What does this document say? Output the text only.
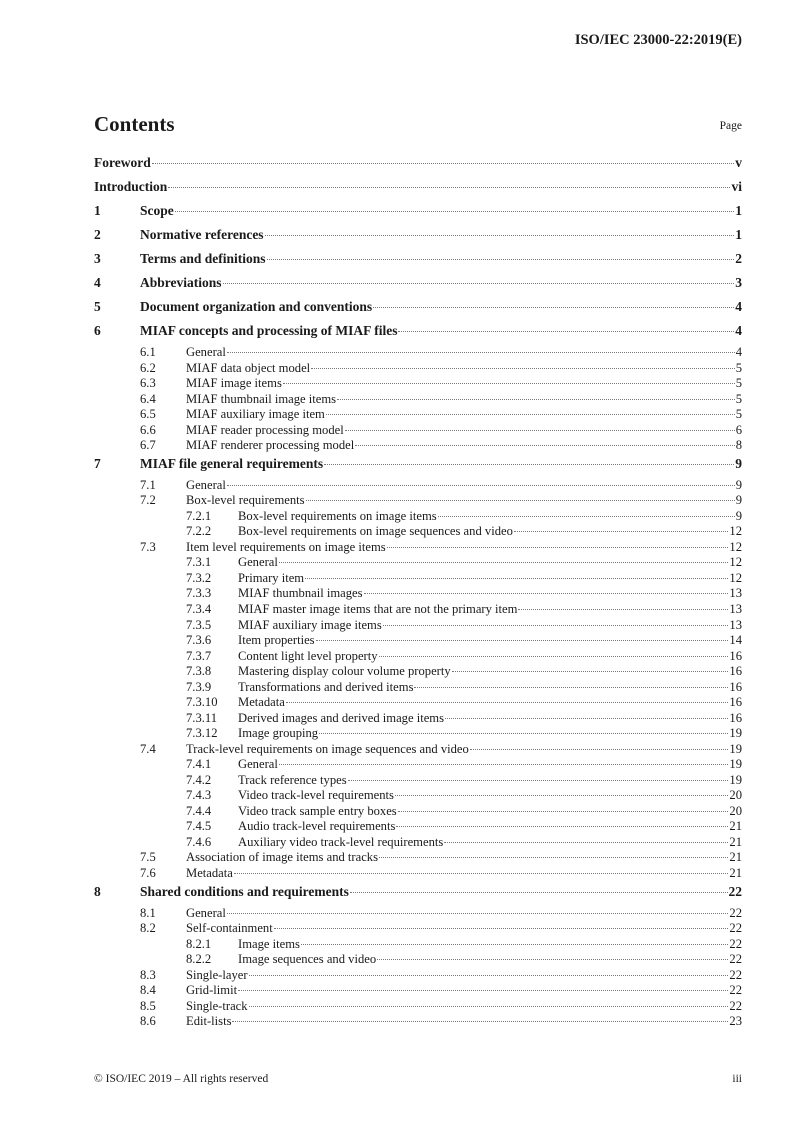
ISO/IEC 23000-22:2019(E)
Contents	Page
Foreword	v
Introduction	vi
1	Scope	1
2	Normative references	1
3	Terms and definitions	2
4	Abbreviations	3
5	Document organization and conventions	4
6	MIAF concepts and processing of MIAF files	4
6.1	General	4
6.2	MIAF data object model	5
6.3	MIAF image items	5
6.4	MIAF thumbnail image items	5
6.5	MIAF auxiliary image item	5
6.6	MIAF reader processing model	6
6.7	MIAF renderer processing model	8
7	MIAF file general requirements	9
7.1	General	9
7.2	Box-level requirements	9
7.2.1	Box-level requirements on image items	9
7.2.2	Box-level requirements on image sequences and video	12
7.3	Item level requirements on image items	12
7.3.1	General	12
7.3.2	Primary item	12
7.3.3	MIAF thumbnail images	13
7.3.4	MIAF master image items that are not the primary item	13
7.3.5	MIAF auxiliary image items	13
7.3.6	Item properties	14
7.3.7	Content light level property	16
7.3.8	Mastering display colour volume property	16
7.3.9	Transformations and derived items	16
7.3.10	Metadata	16
7.3.11	Derived images and derived image items	16
7.3.12	Image grouping	19
7.4	Track-level requirements on image sequences and video	19
7.4.1	General	19
7.4.2	Track reference types	19
7.4.3	Video track-level requirements	20
7.4.4	Video track sample entry boxes	20
7.4.5	Audio track-level requirements	21
7.4.6	Auxiliary video track-level requirements	21
7.5	Association of image items and tracks	21
7.6	Metadata	21
8	Shared conditions and requirements	22
8.1	General	22
8.2	Self-containment	22
8.2.1	Image items	22
8.2.2	Image sequences and video	22
8.3	Single-layer	22
8.4	Grid-limit	22
8.5	Single-track	22
8.6	Edit-lists	23
© ISO/IEC 2019 – All rights reserved	iii
